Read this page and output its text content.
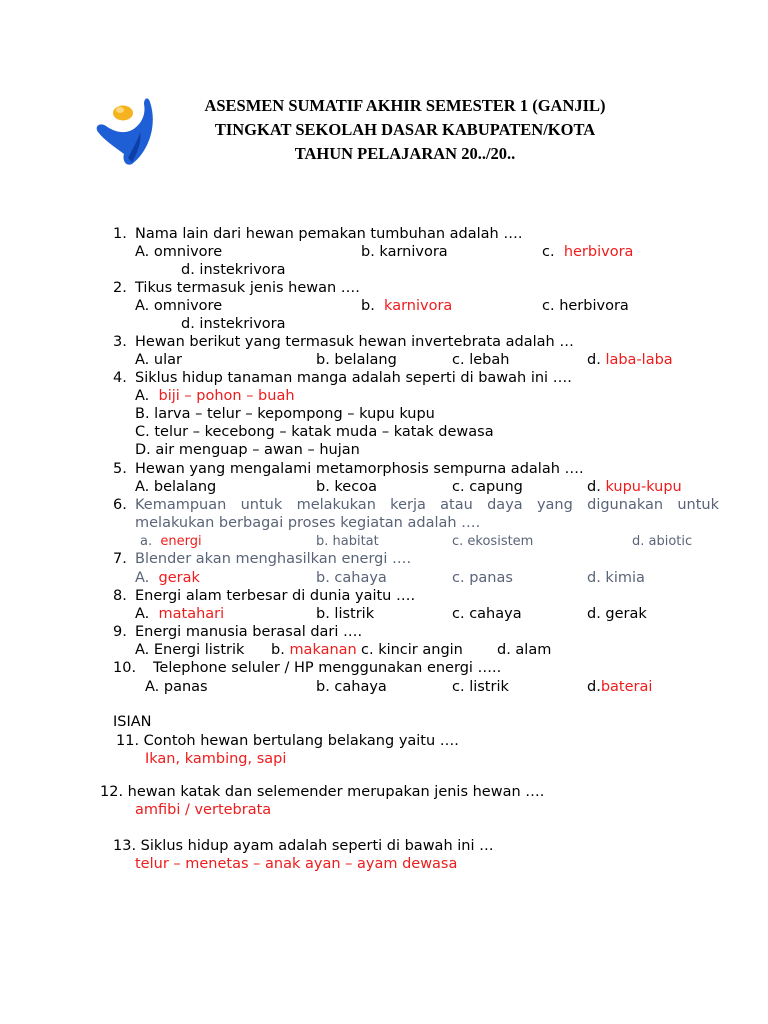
ASESMEN SUMATIF AKHIR SEMESTER 1 (GANJIL)
TINGKAT SEKOLAH DASAR KABUPATEN/KOTA
TAHUN PELAJARAN 20../20..
1. Nama lain dari hewan pemakan tumbuhan adalah ….
A. omnivore	b. karnivora	c. herbivora
d. instekrivora
2. Tikus termasuk jenis hewan ….
A. omnivore	b. karnivora	c. herbivora
d. instekrivora
3. Hewan berikut yang termasuk hewan invertebrata adalah …
A. ular	b. belalang	c. lebah	d. laba-laba
4. Siklus hidup tanaman manga adalah seperti di bawah ini ….
A. biji – pohon – buah
B. larva – telur – kepompong – kupu kupu
C. telur – kecebong – katak muda – katak dewasa
D. air menguap – awan – hujan
5. Hewan yang mengalami metamorphosis sempurna adalah ….
A. belalang	b. kecoa	c. capung	d. kupu-kupu
6. Kemampuan untuk melakukan kerja atau daya yang digunakan untuk
melakukan berbagai proses kegiatan adalah ….
a. energi	b. habitat	c. ekosistem	d. abiotic
7. Blender akan menghasilkan energi ….
A. gerak	b. cahaya	c. panas	d. kimia
8. Energi alam terbesar di dunia yaitu ….
A. matahari	b. listrik	c. cahaya	d. gerak
9. Energi manusia berasal dari ….
A. Energi listrik b. makanan c. kincir angin d. alam
10. Telephone seluler / HP menggunakan energi …..
A. panas	b. cahaya	c. listrik	d.baterai
ISIAN
11. Contoh hewan bertulang belakang yaitu ….
Ikan, kambing, sapi
12. hewan katak dan selemender merupakan jenis hewan ….
amfibi / vertebrata
13. Siklus hidup ayam adalah seperti di bawah ini …
telur – menetas – anak ayan – ayam dewasa
